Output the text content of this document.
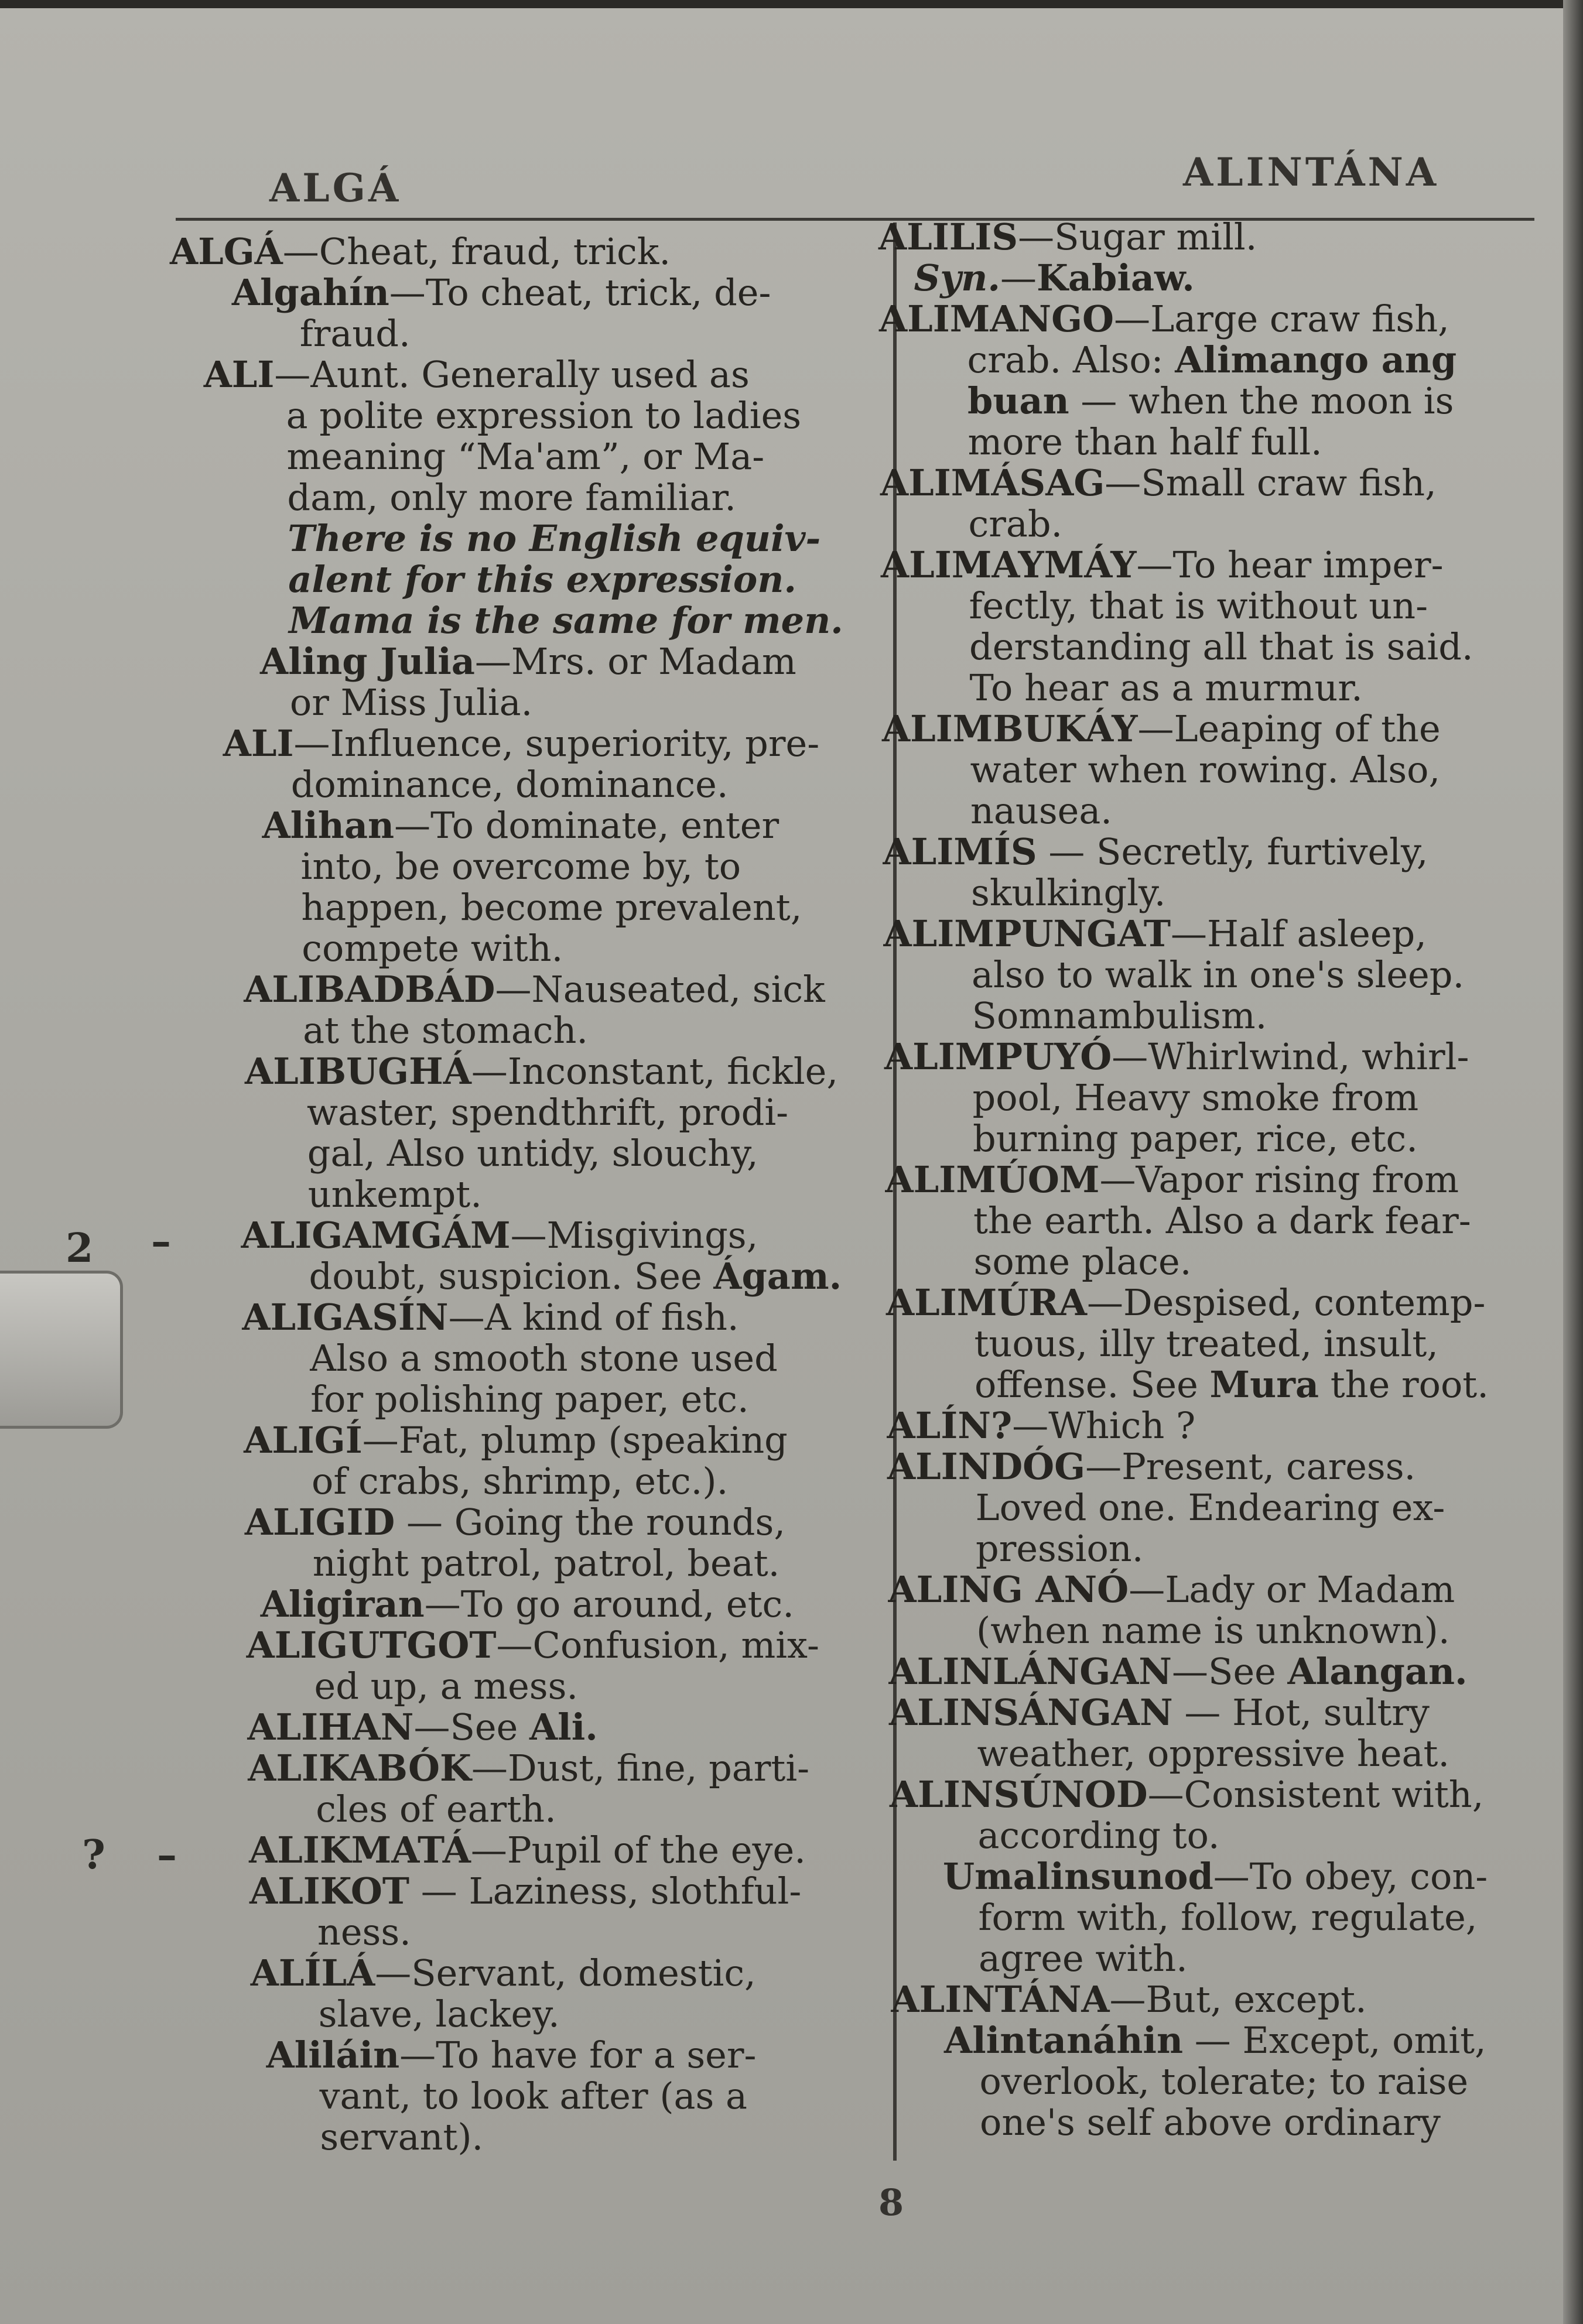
ALGÁ	ALINTÁNA
2 –
? –
ALGÁ—Cheat, fraud, trick.
Algahín—To cheat, trick, de-
fraud.
ALI—Aunt. Generally used as
a polite expression to ladies
meaning “Ma'am”, or Ma-
dam, only more familiar.
There is no English equiv-
alent for this expression.
Mama is the same for men.
Aling Julia—Mrs. or Madam
or Miss Julia.
ALI—Influence, superiority, pre-
dominance, dominance.
Alihan—To dominate, enter
into, be overcome by, to
happen, become prevalent,
compete with.
ALIBADBÁD—Nauseated, sick
at the stomach.
ALIBUGHÁ—Inconstant, fickle,
waster, spendthrift, prodi-
gal, Also untidy, slouchy,
unkempt.
ALIGAMGÁM—Misgivings,
doubt, suspicion. See Ágam.
ALIGASÍN—A kind of fish.
Also a smooth stone used
for polishing paper, etc.
ALIGÍ—Fat, plump (speaking
of crabs, shrimp, etc.).
ALIGID — Going the rounds,
night patrol, patrol, beat.
Aligiran—To go around, etc.
ALIGUTGOT—Confusion, mix-
ed up, a mess.
ALIHAN—See Ali.
ALIKABÓK—Dust, fine, parti-
cles of earth.
ALIKMATÁ—Pupil of the eye.
ALIKOT — Laziness, slothful-
ness.
ALÍLÁ—Servant, domestic,
slave, lackey.
Aliláin—To have for a ser-
vant, to look after (as a
servant).
ALILIS—Sugar mill.
Syn.—Kabiaw.
ALIMANGO—Large craw fish,
crab. Also: Alimango ang
buan — when the moon is
more than half full.
ALIMÁSAG—Small craw fish,
crab.
ALIMAYMÁY—To hear imper-
fectly, that is without un-
derstanding all that is said.
To hear as a murmur.
ALIMBUKÁY—Leaping of the
water when rowing. Also,
nausea.
ALIMÍS — Secretly, furtively,
skulkingly.
ALIMPUNGAT—Half asleep,
also to walk in one's sleep.
Somnambulism.
ALIMPUYÓ—Whirlwind, whirl-
pool, Heavy smoke from
burning paper, rice, etc.
ALIMÚOM—Vapor rising from
the earth. Also a dark fear-
some place.
ALIMÚRA—Despised, contemp-
tuous, illy treated, insult,
offense. See Mura the root.
ALÍN?—Which ?
ALINDÓG—Present, caress.
Loved one. Endearing ex-
pression.
ALING ANÓ—Lady or Madam
(when name is unknown).
ALINLÁNGAN—See Alangan.
ALINSÁNGAN — Hot, sultry
weather, oppressive heat.
ALINSÚNOD—Consistent with,
according to.
Umalinsunod—To obey, con-
form with, follow, regulate,
agree with.
ALINTÁNA—But, except.
Alintanáhin — Except, omit,
overlook, tolerate; to raise
one's self above ordinary
8
